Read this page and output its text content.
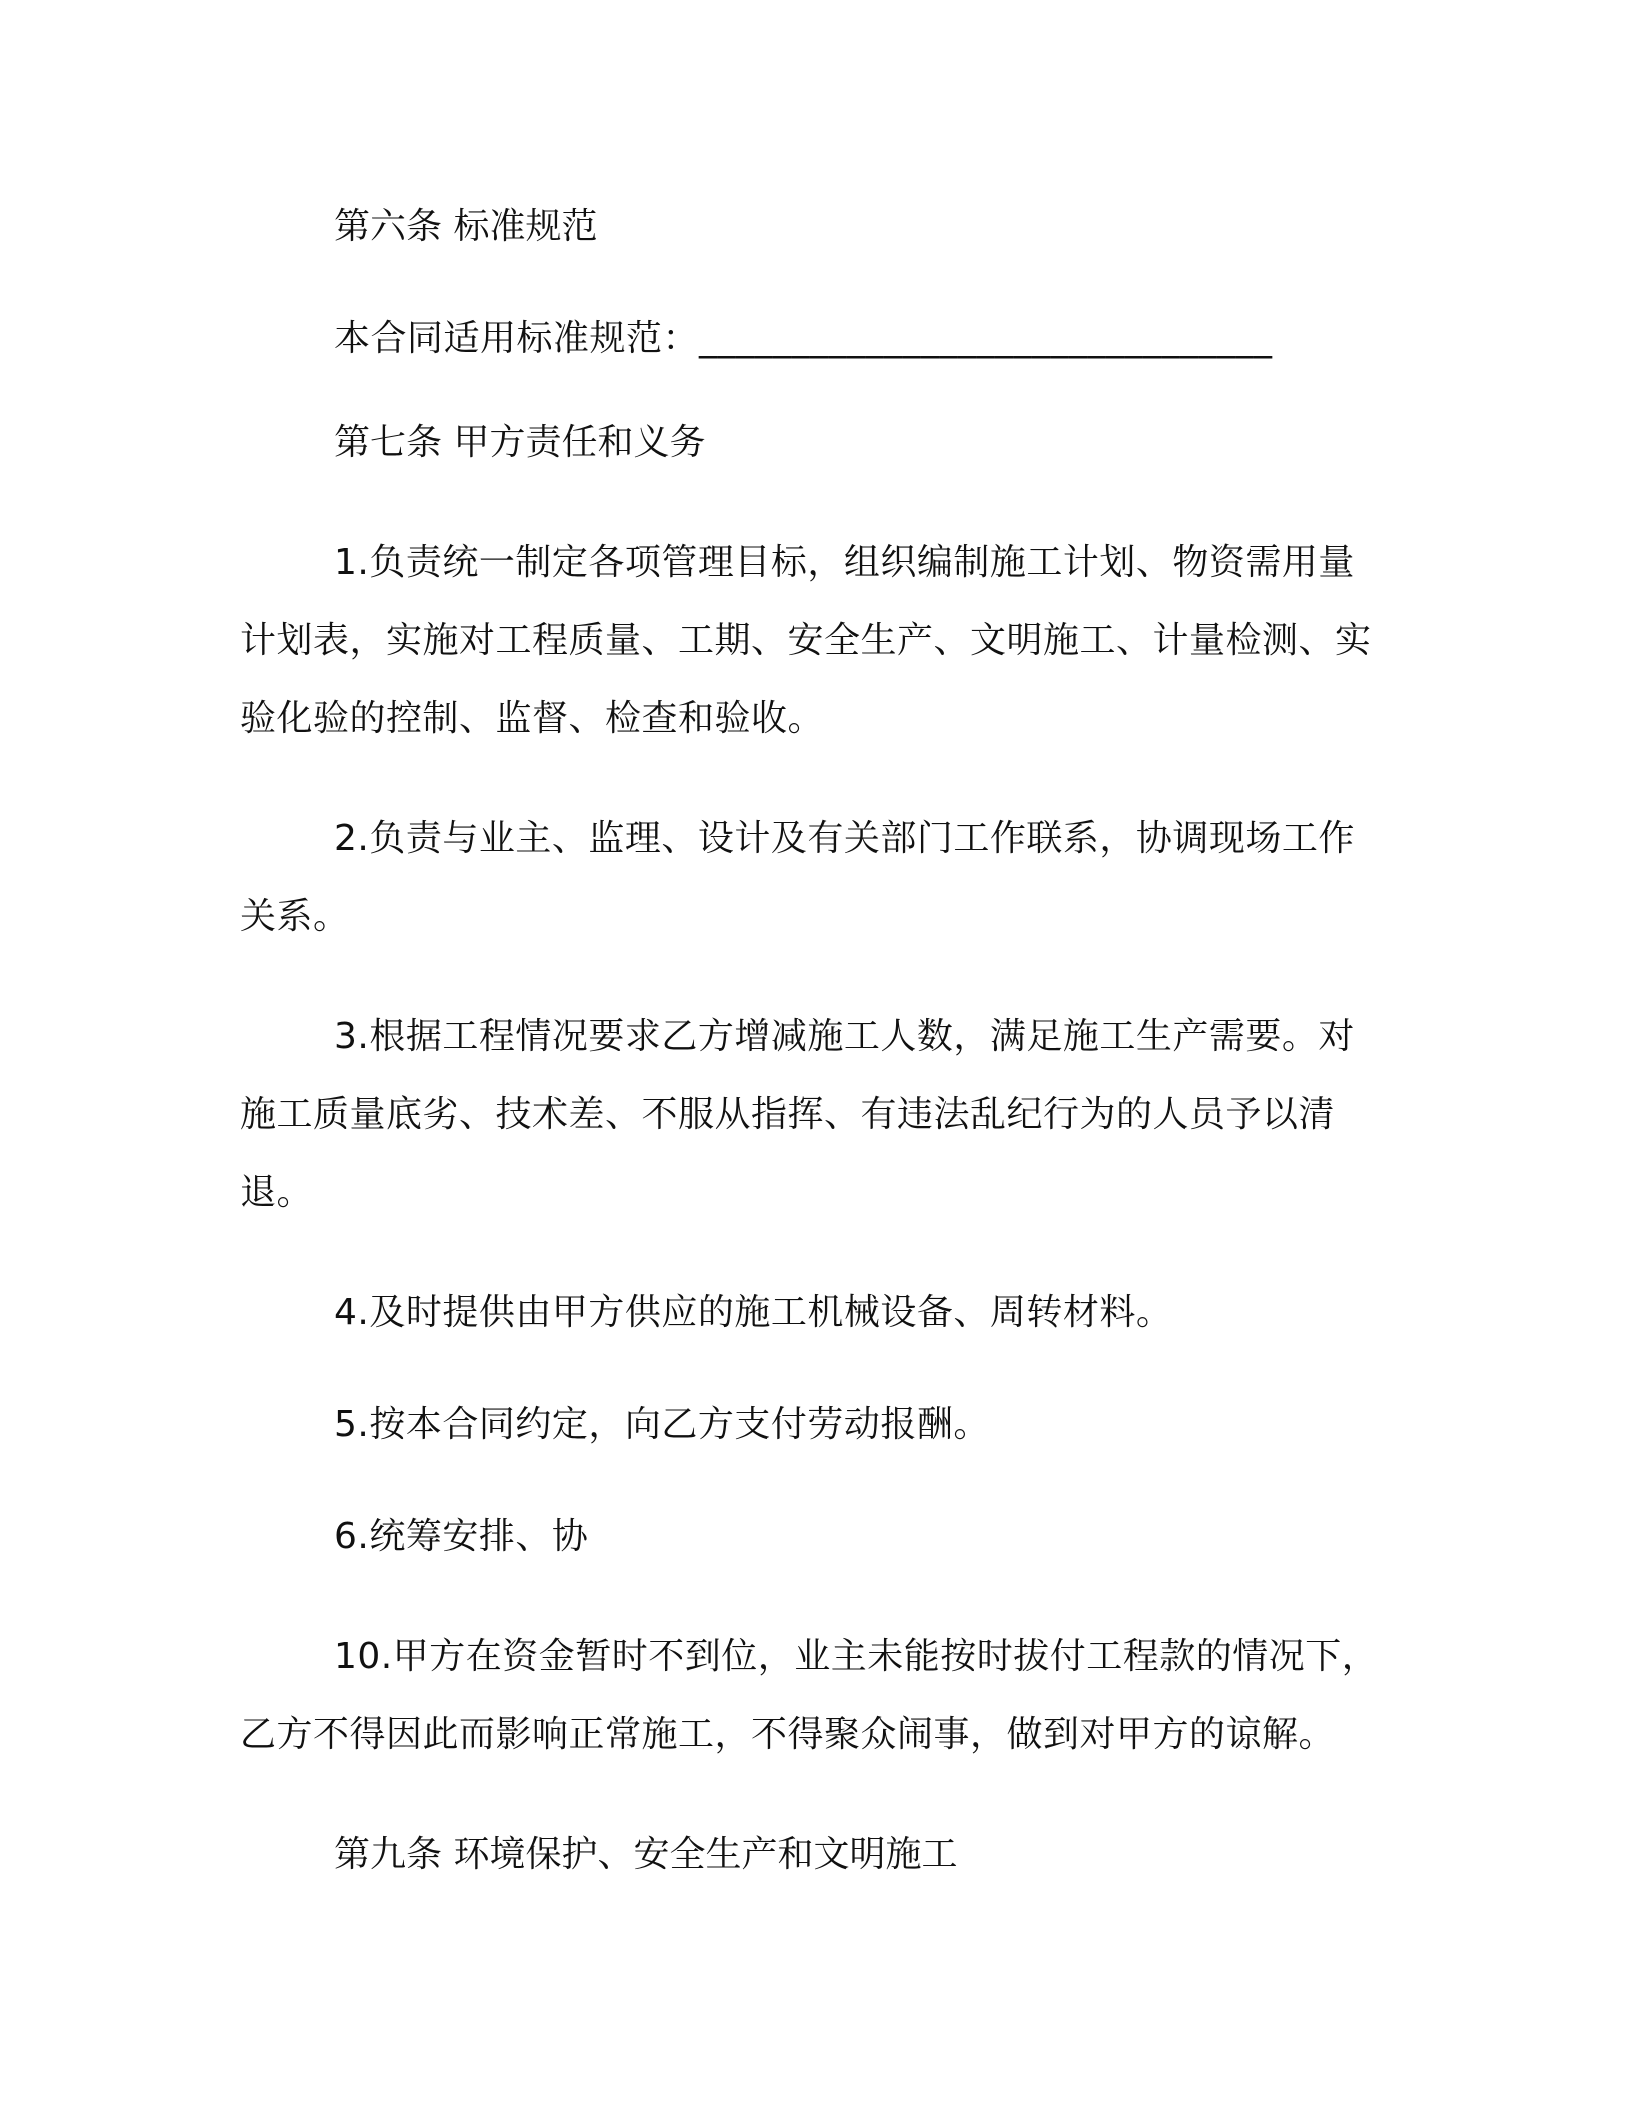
第六条 标准规范

本合同适用标准规范：_______________________________

第七条 甲方责任和义务

1.负责统一制定各项管理目标，组织编制施工计划、物资需用量计划表，实施对工程质量、工期、安全生产、文明施工、计量检测、实验化验的控制、监督、检查和验收。

2.负责与业主、监理、设计及有关部门工作联系，协调现场工作关系。

3.根据工程情况要求乙方增减施工人数，满足施工生产需要。对施工质量底劣、技术差、不服从指挥、有违法乱纪行为的人员予以清退。

4.及时提供由甲方供应的施工机械设备、周转材料。

5.按本合同约定，向乙方支付劳动报酬。

6.统筹安排、协

10.甲方在资金暂时不到位，业主未能按时拔付工程款的情况下，乙方不得因此而影响正常施工，不得聚众闹事，做到对甲方的谅解。

第九条 环境保护、安全生产和文明施工
